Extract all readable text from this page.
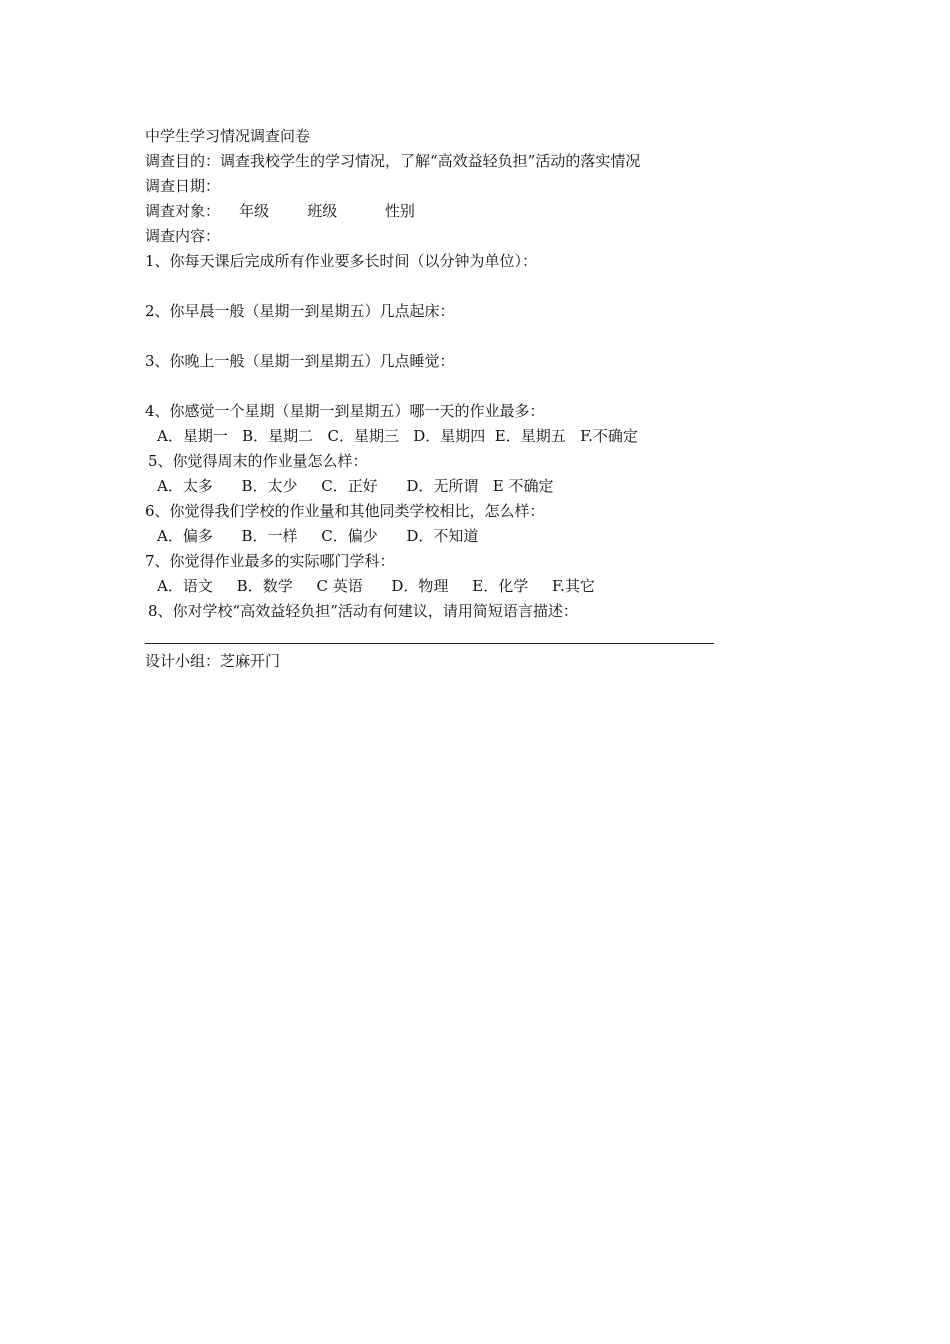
中学生学习情况调查问卷
调查目的：调查我校学生的学习情况，了解“高效益轻负担”活动的落实情况
调查日期：
调查对象：    年级        班级          性别
调查内容：
1、你每天课后完成所有作业要多长时间（以分钟为单位）：
2、你早晨一般（星期一到星期五）几点起床：
3、你晚上一般（星期一到星期五）几点睡觉：
4、你感觉一个星期（星期一到星期五）哪一天的作业最多：
A．星期一   B．星期二   C．星期三   D．星期四  E．星期五   F.不确定
5、你觉得周末的作业量怎么样：
A．太多      B．太少     C．正好      D．无所谓   E 不确定
6、你觉得我们学校的作业量和其他同类学校相比，怎么样：
A．偏多      B．一样     C．偏少      D．不知道
7、你觉得作业最多的实际哪门学科：
A．语文     B．数学     C 英语      D．物理     E．化学     F.其它
8、你对学校“高效益轻负担”活动有何建议，请用简短语言描述：
设计小组：芝麻开门
